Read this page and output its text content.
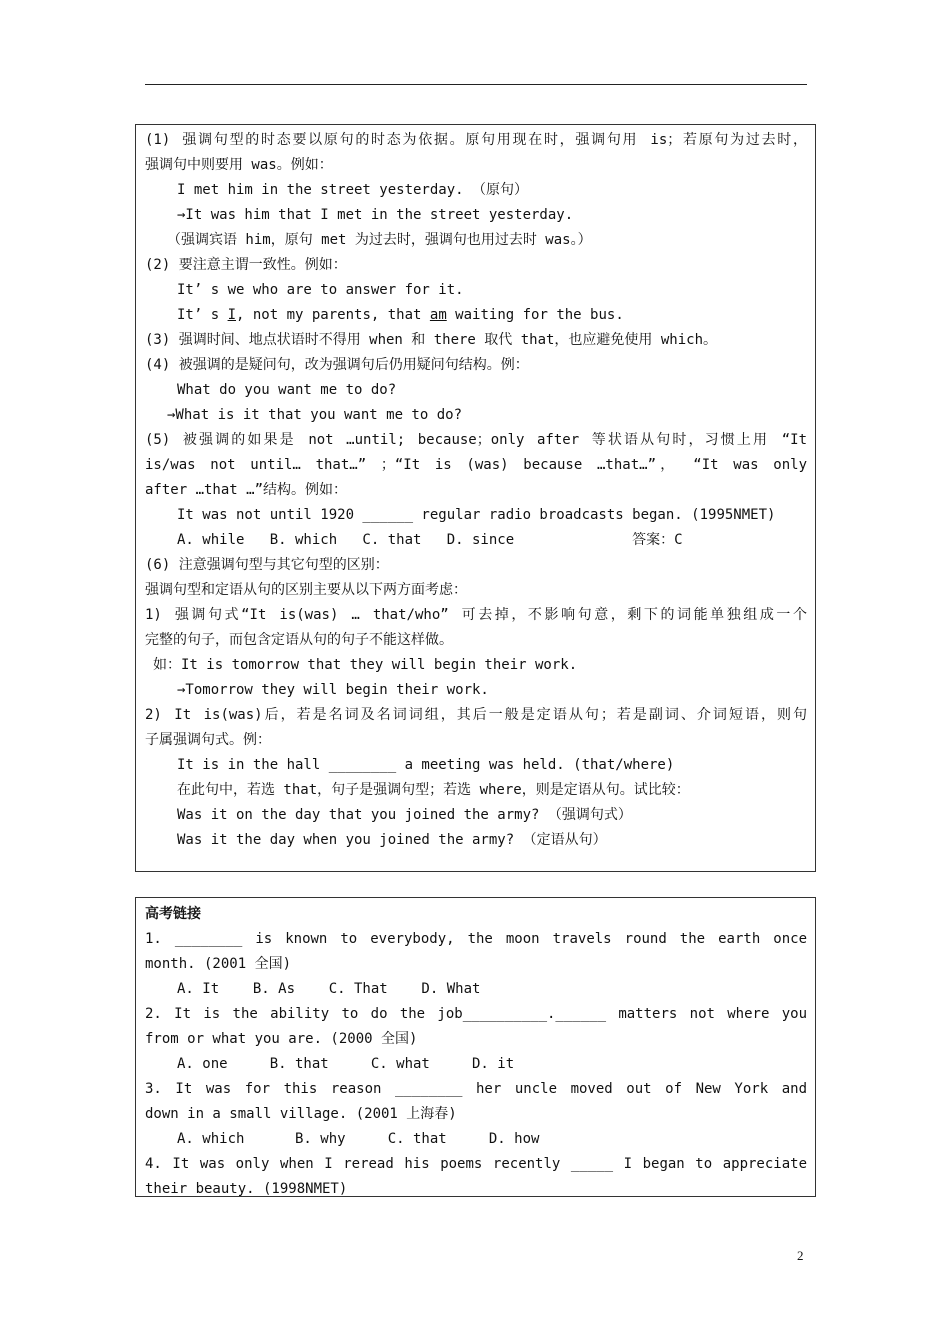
(1) 强调句型的时态要以原句的时态为依据。原句用现在时，强调句用 is；若原句为过去时，
强调句中则要用 was。例如：
I met him in the street yesterday. （原句）
→It was him that I met in the street yesterday.
（强调宾语 him，原句 met 为过去时，强调句也用过去时 was。）
(2) 要注意主谓一致性。例如：
It’ s we who are to answer for it.
It’ s I, not my parents, that am waiting for the bus.
(3) 强调时间、地点状语时不得用 when 和 there 取代 that，也应避免使用 which。
(4) 被强调的是疑问句，改为强调句后仍用疑问句结构。例：
What do you want me to do?
→What is it that you want me to do?
(5) 被强调的如果是 not …until; because；only after 等状语从句时，习惯上用 “It
is/was not until… that…” ；“It is (was) because …that…”， “It was only
after …that …”结构。例如：
It was not until 1920 ______ regular radio broadcasts began. (1995NMET)
A. while   B. which   C. that   D. since              答案：C
(6) 注意强调句型与其它句型的区别：
强调句型和定语从句的区别主要从以下两方面考虑：
1) 强调句式“It is(was) … that/who” 可去掉，不影响句意，剩下的词能单独组成一个
完整的句子，而包含定语从句的句子不能这样做。
如：It is tomorrow that they will begin their work.
→Tomorrow they will begin their work.
2) It is(was)后，若是名词及名词词组，其后一般是定语从句；若是副词、介词短语，则句
子属强调句式。例：
It is in the hall ________ a meeting was held. (that/where)
在此句中，若选 that，句子是强调句型；若选 where，则是定语从句。试比较：
Was it on the day that you joined the army? （强调句式）
Was it the day when you joined the army? （定语从句）
高考链接
1. ________ is known to everybody, the moon travels round the earth once
month. (2001 全国)
A. It    B. As    C. That    D. What
2. It is the ability to do the job__________.______ matters not where you
from or what you are. (2000 全国)
A. one     B. that     C. what     D. it
3. It was for this reason ________ her uncle moved out of New York and
down in a small village. (2001 上海春)
A. which      B. why     C. that     D. how
4. It was only when I reread his poems recently _____ I began to appreciate
their beauty. (1998NMET)
2
